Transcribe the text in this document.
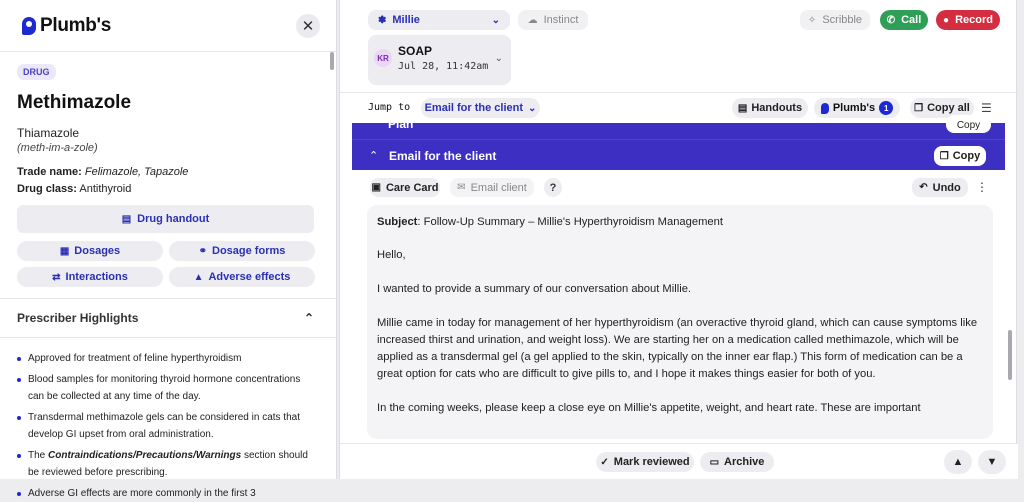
Plumb's	✕
DRUG
Methimazole
Thiamazole
(meth-im-a-zole)
Trade name: Felimazole, Tapazole
Drug class: Antithyroid
▤ Drug handout
▦ Dosages	⚭ Dosage forms
⇄ Interactions	▲ Adverse effects
Prescriber Highlights	⌃
Approved for treatment of feline hyperthyroidism
Blood samples for monitoring thyroid hormone concentrations can be collected at any time of the day.
Transdermal methimazole gels can be considered in cats that develop GI upset from oral administration.
The Contraindications/Precautions/Warnings section should be reviewed before prescribing.
Adverse GI effects are more commonly in the first 3
✽ Millie	⌄	☁ Instinct	✧ Scribble ✆ Call ● Record
KR SOAP
Jul 28, 11:42am
⌄
Jump to Email for the client ⌄	▤ Handouts	Plumb's	1	❐ Copy all ☰
⌃ Plan	Copy
⌃ Email for the client	❐ Copy
▣ Care Card ✉ Email client ?	↶ Undo ⋮

Subject: Follow-Up Summary – Millie's Hyperthyroidism Management

Hello,

I wanted to provide a summary of our conversation about Millie.

Millie came in today for management of her hyperthyroidism (an overactive thyroid gland, which can cause symptoms like increased thirst and urination, and weight loss). We are starting her on a medication called methimazole, which will be applied as a transdermal gel (a gel applied to the skin, typically on the inner ear flap.) This form of medication can be a great option for cats who are difficult to give pills to, and I hope it makes things easier for both of you.

In the coming weeks, please keep a close eye on Millie's appetite, weight, and heart rate. These are important

✓ Mark reviewed ▭ Archive	▲ ▼
